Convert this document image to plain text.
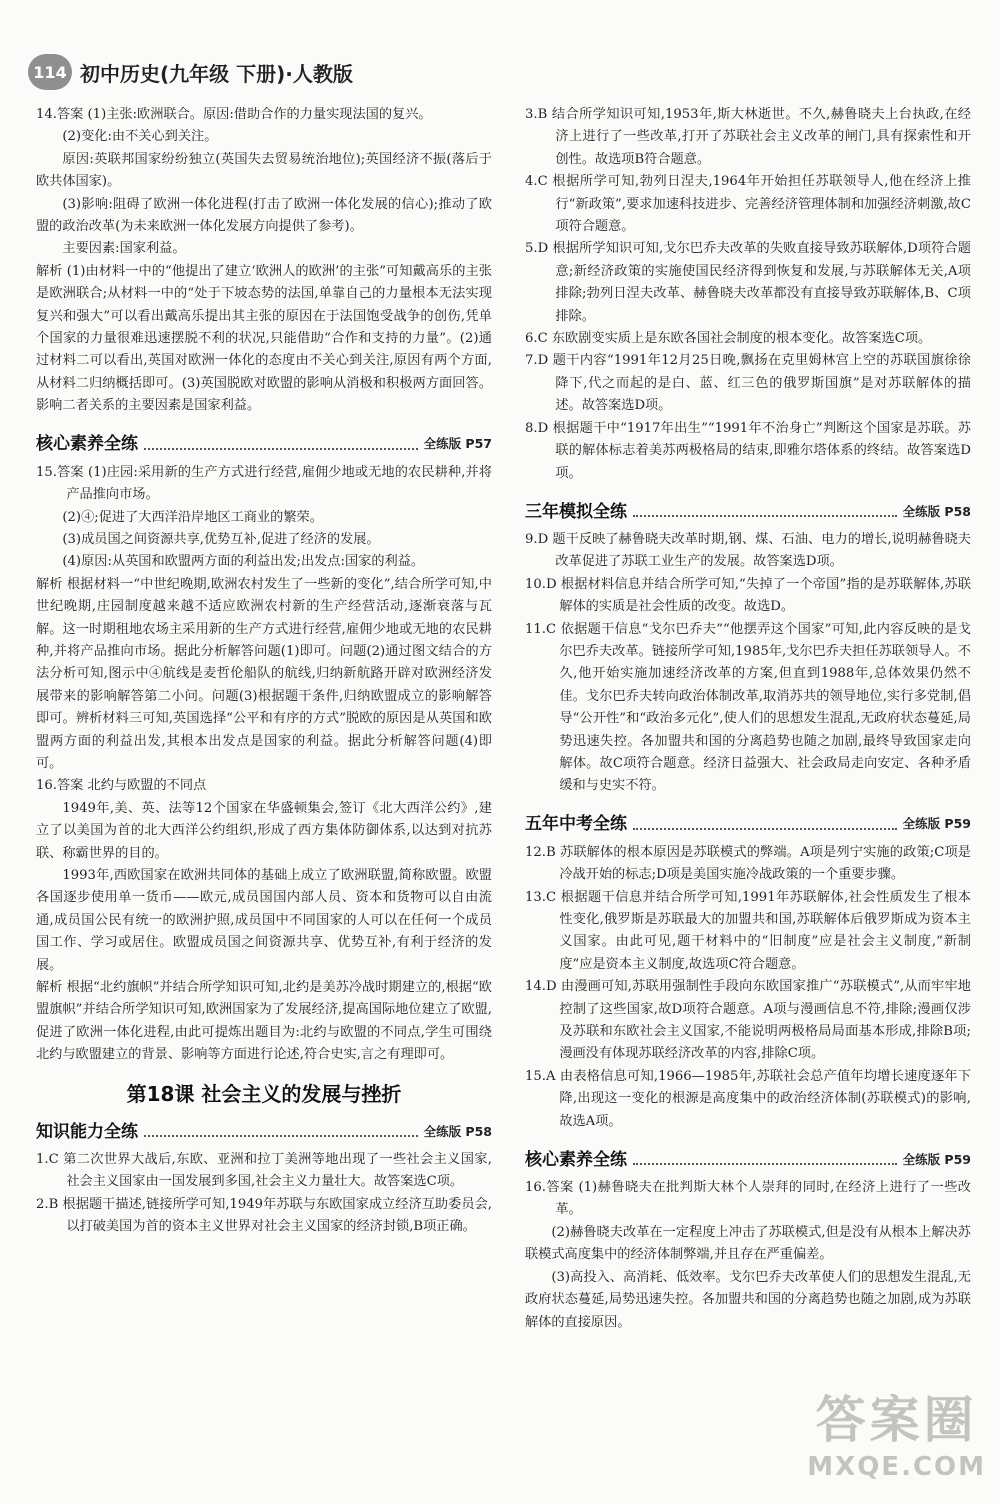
114 初中历史(九年级 下册)·人教版

14.答案 (1)主张:欧洲联合。原因:借助合作的力量实现法国的复兴。

(2)变化:由不关心到关注。

原因:英联邦国家纷纷独立(英国失去贸易统治地位);英国经济不振(落后于欧共体国家)。

(3)影响:阻碍了欧洲一体化进程(打击了欧洲一体化发展的信心);推动了欧盟的政治改革(为未来欧洲一体化发展方向提供了参考)。

主要因素:国家利益。

解析 (1)由材料一中的“他提出了建立‘欧洲人的欧洲’的主张”可知戴高乐的主张是欧洲联合;从材料一中的“处于下坡态势的法国,单靠自己的力量根本无法实现复兴和强大”可以看出戴高乐提出其主张的原因在于法国饱受战争的创伤,凭单个国家的力量很难迅速摆脱不利的状况,只能借助“合作和支持的力量”。(2)通过材料二可以看出,英国对欧洲一体化的态度由不关心到关注,原因有两个方面,从材料二归纳概括即可。(3)英国脱欧对欧盟的影响从消极和积极两方面回答。影响二者关系的主要因素是国家利益。

核心素养全练	全练版 P57

15.答案 (1)庄园:采用新的生产方式进行经营,雇佣少地或无地的农民耕种,并将产品推向市场。

(2)④;促进了大西洋沿岸地区工商业的繁荣。

(3)成员国之间资源共享,优势互补,促进了经济的发展。

(4)原因:从英国和欧盟两方面的利益出发;出发点:国家的利益。

解析 根据材料一“中世纪晚期,欧洲农村发生了一些新的变化”,结合所学可知,中世纪晚期,庄园制度越来越不适应欧洲农村新的生产经营活动,逐渐衰落与瓦解。这一时期租地农场主采用新的生产方式进行经营,雇佣少地或无地的农民耕种,并将产品推向市场。据此分析解答问题(1)即可。问题(2)通过图文结合的方法分析可知,图示中④航线是麦哲伦船队的航线,归纳新航路开辟对欧洲经济发展带来的影响解答第二小问。问题(3)根据题干条件,归纳欧盟成立的影响解答即可。辨析材料三可知,英国选择“公平和有序的方式”脱欧的原因是从英国和欧盟两方面的利益出发,其根本出发点是国家的利益。据此分析解答问题(4)即可。

16.答案 北约与欧盟的不同点

1949年,美、英、法等12个国家在华盛顿集会,签订《北大西洋公约》,建立了以美国为首的北大西洋公约组织,形成了西方集体防御体系,以达到对抗苏联、称霸世界的目的。

1993年,西欧国家在欧洲共同体的基础上成立了欧洲联盟,简称欧盟。欧盟各国逐步使用单一货币——欧元,成员国国内部人员、资本和货物可以自由流通,成员国公民有统一的欧洲护照,成员国中不同国家的人可以在任何一个成员国工作、学习或居住。欧盟成员国之间资源共享、优势互补,有利于经济的发展。

解析 根据“北约旗帜”并结合所学知识可知,北约是美苏冷战时期建立的,根据“欧盟旗帜”并结合所学知识可知,欧洲国家为了发展经济,提高国际地位建立了欧盟,促进了欧洲一体化进程,由此可提炼出题目为:北约与欧盟的不同点,学生可围绕北约与欧盟建立的背景、影响等方面进行论述,符合史实,言之有理即可。

第18课 社会主义的发展与挫折
知识能力全练	全练版 P58

1.C 第二次世界大战后,东欧、亚洲和拉丁美洲等地出现了一些社会主义国家,社会主义国家由一国发展到多国,社会主义力量壮大。故答案选C项。

2.B 根据题干描述,链接所学可知,1949年苏联与东欧国家成立经济互助委员会,以打破美国为首的资本主义世界对社会主义国家的经济封锁,B项正确。

3.B 结合所学知识可知,1953年,斯大林逝世。不久,赫鲁晓夫上台执政,在经济上进行了一些改革,打开了苏联社会主义改革的闸门,具有探索性和开创性。故选项B符合题意。

4.C 根据所学可知,勃列日涅夫,1964年开始担任苏联领导人,他在经济上推行“新政策”,要求加速科技进步、完善经济管理体制和加强经济刺激,故C项符合题意。

5.D 根据所学知识可知,戈尔巴乔夫改革的失败直接导致苏联解体,D项符合题意;新经济政策的实施使国民经济得到恢复和发展,与苏联解体无关,A项排除;勃列日涅夫改革、赫鲁晓夫改革都没有直接导致苏联解体,B、C项排除。

6.C 东欧剧变实质上是东欧各国社会制度的根本变化。故答案选C项。

7.D 题干内容“1991年12月25日晚,飘扬在克里姆林宫上空的苏联国旗徐徐降下,代之而起的是白、蓝、红三色的俄罗斯国旗”是对苏联解体的描述。故答案选D项。

8.D 根据题干中“1917年出生”“1991年不治身亡”判断这个国家是苏联。苏联的解体标志着美苏两极格局的结束,即雅尔塔体系的终结。故答案选D项。

三年模拟全练	全练版 P58

9.D 题干反映了赫鲁晓夫改革时期,钢、煤、石油、电力的增长,说明赫鲁晓夫改革促进了苏联工业生产的发展。故答案选D项。

10.D 根据材料信息并结合所学可知,“失掉了一个帝国”指的是苏联解体,苏联解体的实质是社会性质的改变。故选D。

11.C 依据题干信息“戈尔巴乔夫”“他摆弄这个国家”可知,此内容反映的是戈尔巴乔夫改革。链接所学可知,1985年,戈尔巴乔夫担任苏联领导人。不久,他开始实施加速经济改革的方案,但直到1988年,总体效果仍然不佳。戈尔巴乔夫转向政治体制改革,取消苏共的领导地位,实行多党制,倡导“公开性”和“政治多元化”,使人们的思想发生混乱,无政府状态蔓延,局势迅速失控。各加盟共和国的分离趋势也随之加剧,最终导致国家走向解体。故C项符合题意。经济日益强大、社会政局走向安定、各种矛盾缓和与史实不符。

五年中考全练	全练版 P59

12.B 苏联解体的根本原因是苏联模式的弊端。A项是列宁实施的政策;C项是冷战开始的标志;D项是美国实施冷战政策的一个重要步骤。

13.C 根据题干信息并结合所学可知,1991年苏联解体,社会性质发生了根本性变化,俄罗斯是苏联最大的加盟共和国,苏联解体后俄罗斯成为资本主义国家。由此可见,题干材料中的“旧制度”应是社会主义制度,“新制度”应是资本主义制度,故选项C符合题意。

14.D 由漫画可知,苏联用强制性手段向东欧国家推广“苏联模式”,从而牢牢地控制了这些国家,故D项符合题意。A项与漫画信息不符,排除;漫画仅涉及苏联和东欧社会主义国家,不能说明两极格局局面基本形成,排除B项;漫画没有体现苏联经济改革的内容,排除C项。

15.A 由表格信息可知,1966—1985年,苏联社会总产值年均增长速度逐年下降,出现这一变化的根源是高度集中的政治经济体制(苏联模式)的影响,故选A项。

核心素养全练	全练版 P59

16.答案 (1)赫鲁晓夫在批判斯大林个人崇拜的同时,在经济上进行了一些改革。

(2)赫鲁晓夫改革在一定程度上冲击了苏联模式,但是没有从根本上解决苏联模式高度集中的经济体制弊端,并且存在严重偏差。

(3)高投入、高消耗、低效率。戈尔巴乔夫改革使人们的思想发生混乱,无政府状态蔓延,局势迅速失控。各加盟共和国的分离趋势也随之加剧,成为苏联解体的直接原因。

答案圈
MXQE.COM
